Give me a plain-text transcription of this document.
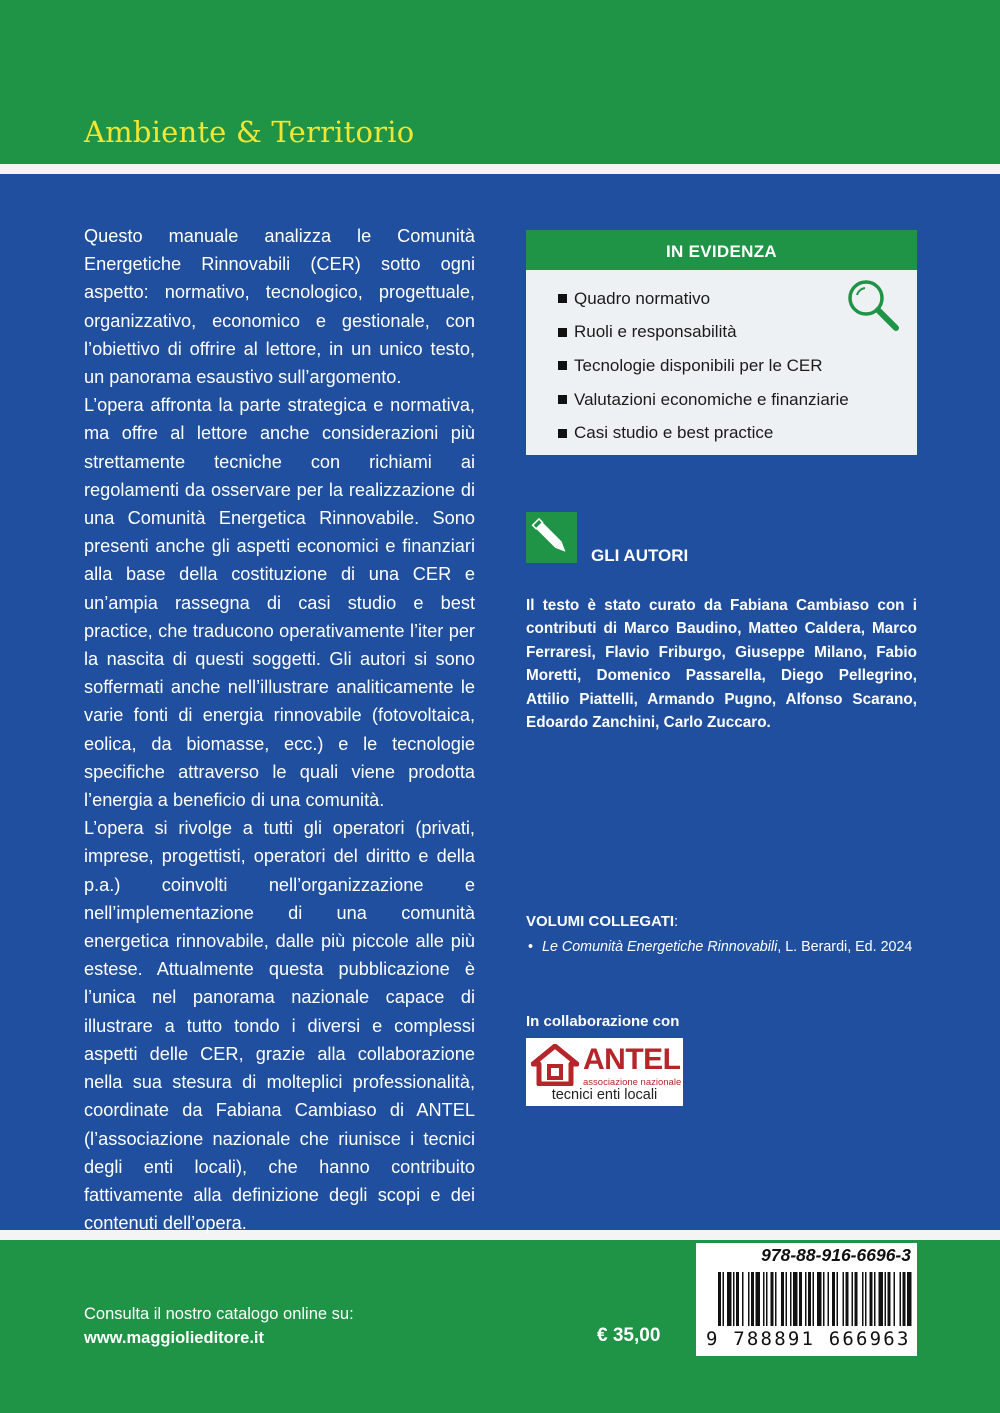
Ambiente & Territorio

Questo manuale analizza le Comunità Energetiche Rinnovabili (CER) sotto ogni aspetto: normativo, tecnologico, progettuale, organizzativo, economico e gestionale, con l’obiettivo di offrire al lettore, in un unico testo, un panorama esaustivo sull’argomento.

L’opera affronta la parte strategica e normativa, ma offre al lettore anche considerazioni più strettamente tecniche con richiami ai regolamenti da osservare per la realizzazione di una Comunità Energetica Rinnovabile. Sono presenti anche gli aspetti economici e finanziari alla base della costituzione di una CER e un’ampia rassegna di casi studio e best practice, che traducono operativamente l’iter per la nascita di questi soggetti. Gli autori si sono soffermati anche nell’illustrare analiticamente le varie fonti di energia rinnovabile (fotovoltaica, eolica, da biomasse, ecc.) e le tecnologie specifiche attraverso le quali viene prodotta l’energia a beneficio di una comunità.

L’opera si rivolge a tutti gli operatori (privati, imprese, progettisti, operatori del diritto e della p.a.) coinvolti nell’organizzazione e nell’implementazione di una comunità energetica rinnovabile, dalle più piccole alle più estese. Attualmente questa pubblicazione è l’unica nel panorama nazionale capace di illustrare a tutto tondo i diversi e complessi aspetti delle CER, grazie alla collaborazione nella sua stesura di molteplici professionalità, coordinate da Fabiana Cambiaso di ANTEL (l’associazione nazionale che riunisce i tecnici degli enti locali), che hanno contribuito fattivamente alla definizione degli scopi e dei contenuti dell’opera.

IN EVIDENZA
Quadro normativo
Ruoli e responsabilità
Tecnologie disponibili per le CER
Valutazioni economiche e finanziarie
Casi studio e best practice
GLI AUTORI
Il testo è stato curato da Fabiana Cambiaso con i contributi di Marco Baudino, Matteo Caldera, Marco Ferraresi, Flavio Friburgo, Giuseppe Milano, Fabio Moretti, Domenico Passarella, Diego Pellegrino, Attilio Piattelli, Armando Pugno, Alfonso Scarano, Edoardo Zanchini, Carlo Zuccaro.
VOLUMI COLLEGATI:
• Le Comunità Energetiche Rinnovabili, L. Berardi, Ed. 2024
In collaborazione con
ANTEL
associazione nazionale
tecnici enti locali
Consulta il nostro catalogo online su:
www.maggiolieditore.it	€ 35,00
978-88-916-6696-3
9 788891 666963
